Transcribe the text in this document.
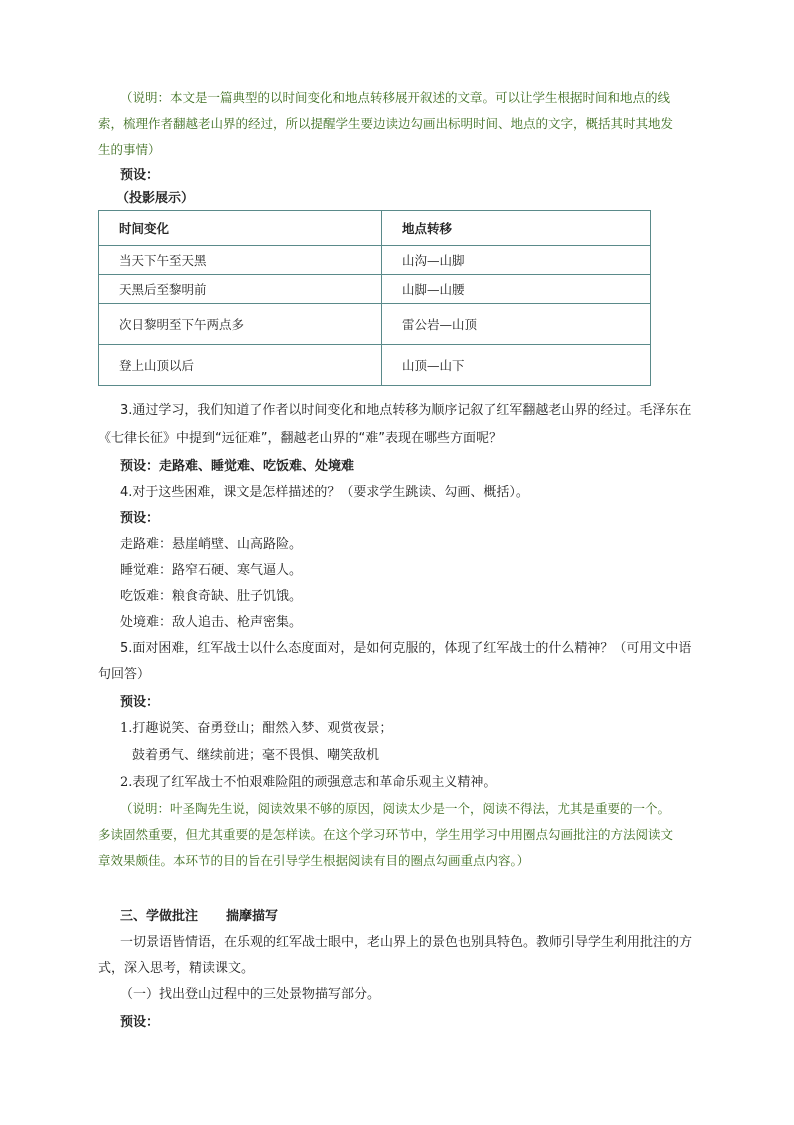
（说明：本文是一篇典型的以时间变化和地点转移展开叙述的文章。可以让学生根据时间和地点的线
索，梳理作者翻越老山界的经过，所以提醒学生要边读边勾画出标明时间、地点的文字，概括其时其地发
生的事情）
预设：
（投影展示）
时间变化	地点转移
当天下午至天黑	山沟—山脚
天黑后至黎明前	山脚—山腰
次日黎明至下午两点多	雷公岩—山顶
登上山顶以后	山顶—山下
3.通过学习，我们知道了作者以时间变化和地点转移为顺序记叙了红军翻越老山界的经过。毛泽东在
《七律长征》中提到“远征难”，翻越老山界的“难”表现在哪些方面呢？
预设：走路难、睡觉难、吃饭难、处境难
4.对于这些困难，课文是怎样描述的？（要求学生跳读、勾画、概括）。
预设：
走路难：悬崖峭壁、山高路险。
睡觉难：路窄石硬、寒气逼人。
吃饭难：粮食奇缺、肚子饥饿。
处境难：敌人追击、枪声密集。
5.面对困难，红军战士以什么态度面对，是如何克服的，体现了红军战士的什么精神？（可用文中语
句回答）
预设：
1.打趣说笑、奋勇登山；酣然入梦、观赏夜景；
鼓着勇气、继续前进；毫不畏惧、嘲笑敌机
2.表现了红军战士不怕艰难险阻的顽强意志和革命乐观主义精神。
（说明：叶圣陶先生说，阅读效果不够的原因，阅读太少是一个，阅读不得法，尤其是重要的一个。
多读固然重要，但尤其重要的是怎样读。在这个学习环节中，学生用学习中用圈点勾画批注的方法阅读文
章效果颇佳。本环节的目的旨在引导学生根据阅读有目的圈点勾画重点内容。）
三、学做批注 揣摩描写
一切景语皆情语，在乐观的红军战士眼中，老山界上的景色也别具特色。教师引导学生利用批注的方
式，深入思考，精读课文。
（一）找出登山过程中的三处景物描写部分。
预设：
